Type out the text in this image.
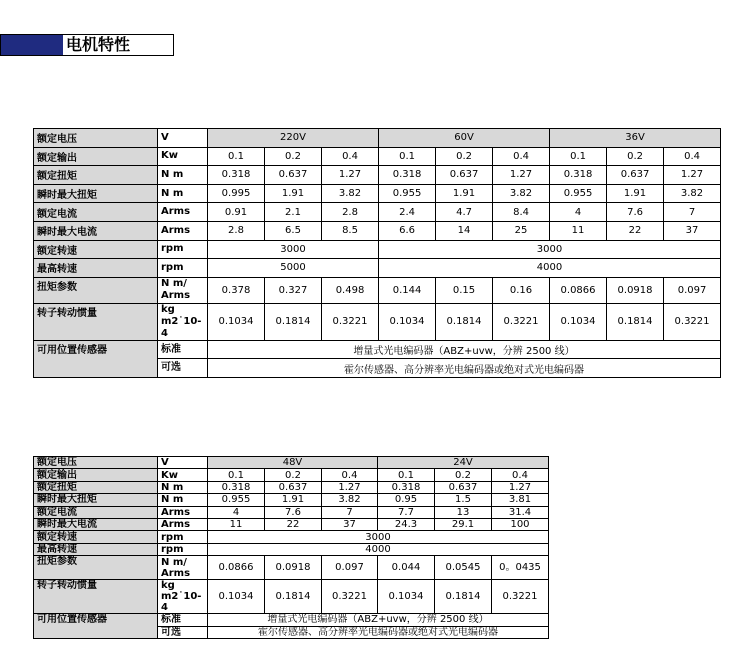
电机特性
额定电压	V	220V			60V			36V		
额定输出	Kw	0.1	0.2	0.4	0.1	0.2	0.4	0.1	0.2	0.4
额定扭矩	N m	0.318	0.637	1.27	0.318	0.637	1.27	0.318	0.637	1.27
瞬时最大扭矩	N m	0.995	1.91	3.82	0.955	1.91	3.82	0.955	1.91	3.82
额定电流	Arms	0.91	2.1	2.8	2.4	4.7	8.4	4	7.6	7
瞬时最大电流	Arms	2.8	6.5	8.5	6.6	14	25	11	22	37
额定转速	rpm	3000			3000					
最高转速	rpm	5000			4000					
扭矩参数	N m/ Arms	0.378	0.327	0.498	0.144	0.15	0.16	0.0866	0.0918	0.097
转子转动惯量	kg m2˙10-4	0.1034	0.1814	0.3221	0.1034	0.1814	0.3221	0.1034	0.1814	0.3221
可用位置传感器	标准	增量式光电编码器（ABZ+uvw，分辨 2500 线）								
	可选	霍尔传感器、高分辨率光电编码器或绝对式光电编码器								
额定电压	V	48V			24V		
额定输出	Kw	0.1	0.2	0.4	0.1	0.2	0.4
额定扭矩	N m	0.318	0.637	1.27	0.318	0.637	1.27
瞬时最大扭矩	N m	0.955	1.91	3.82	0.95	1.5	3.81
额定电流	Arms	4	7.6	7	7.7	13	31.4
瞬时最大电流	Arms	11	22	37	24.3	29.1	100
额定转速	rpm	3000					
最高转速	rpm	4000					
扭矩参数	N m/ Arms	0.0866	0.0918	0.097	0.044	0.0545	0。0435
转子转动惯量	kg m2˙10-4	0.1034	0.1814	0.3221	0.1034	0.1814	0.3221
可用位置传感器	标准	增量式光电编码器（ABZ+uvw，分辨 2500 线）					
	可选	霍尔传感器、高分辨率光电编码器或绝对式光电编码器					
